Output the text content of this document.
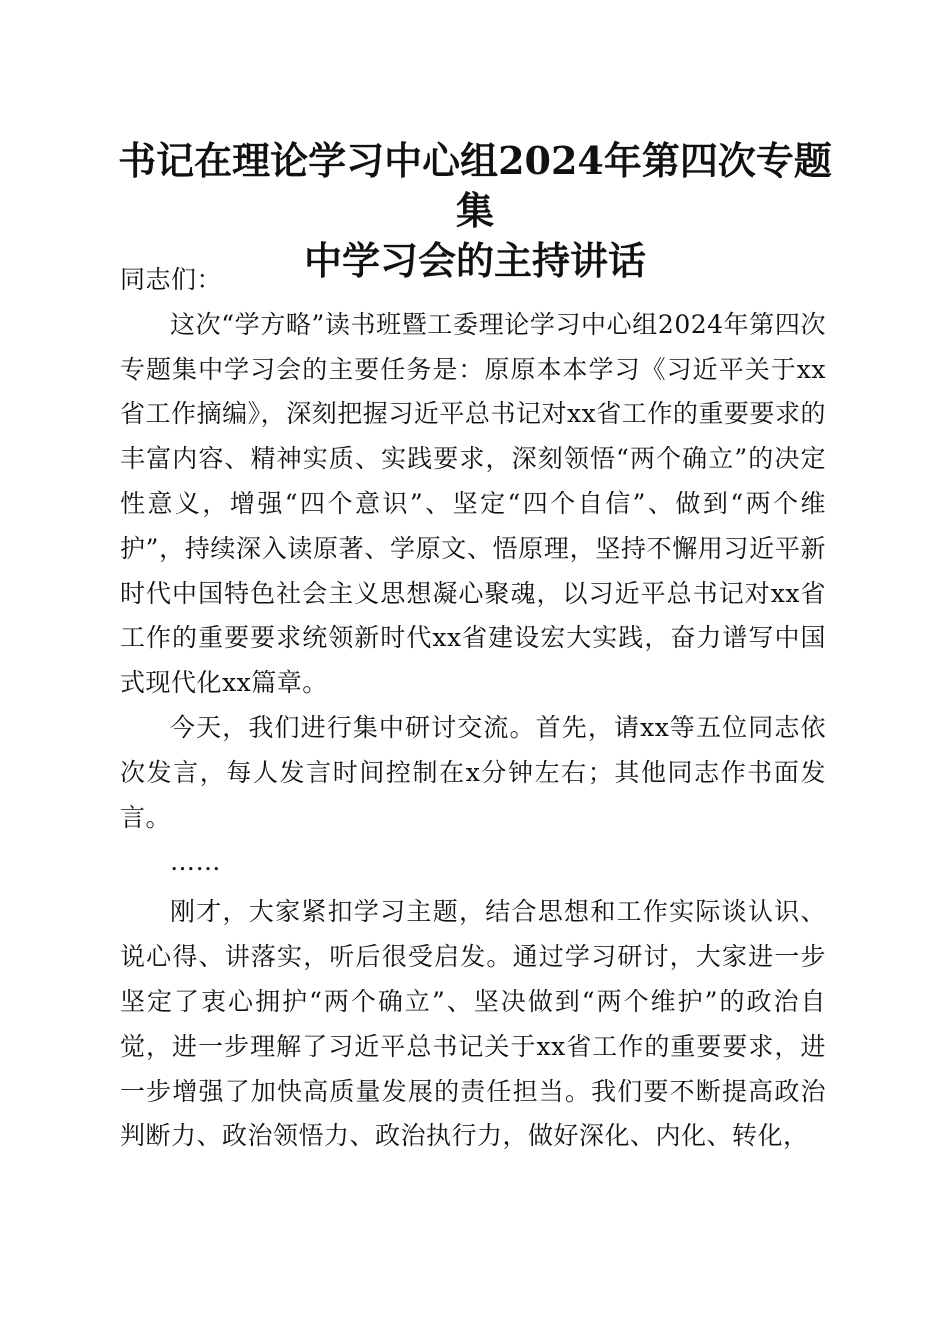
书记在理论学习中心组2024年第四次专题集
中学习会的主持讲话

同志们：

这次“学方略”读书班暨工委理论学习中心组2024年第四次专题集中学习会的主要任务是：原原本本学习《习近平关于xx省工作摘编》，深刻把握习近平总书记对xx省工作的重要要求的丰富内容、精神实质、实践要求，深刻领悟“两个确立”的决定性意义，增强“四个意识”、坚定“四个自信”、做到“两个维护”，持续深入读原著、学原文、悟原理，坚持不懈用习近平新时代中国特色社会主义思想凝心聚魂，以习近平总书记对xx省工作的重要要求统领新时代xx省建设宏大实践，奋力谱写中国式现代化xx篇章。

今天，我们进行集中研讨交流。首先，请xx等五位同志依次发言，每人发言时间控制在x分钟左右；其他同志作书面发言。

……

刚才，大家紧扣学习主题，结合思想和工作实际谈认识、说心得、讲落实，听后很受启发。通过学习研讨，大家进一步坚定了衷心拥护“两个确立”、坚决做到“两个维护”的政治自觉，进一步理解了习近平总书记关于xx省工作的重要要求，进一步增强了加快高质量发展的责任担当。我们要不断提高政治判断力、政治领悟力、政治执行力，做好深化、内化、转化，
